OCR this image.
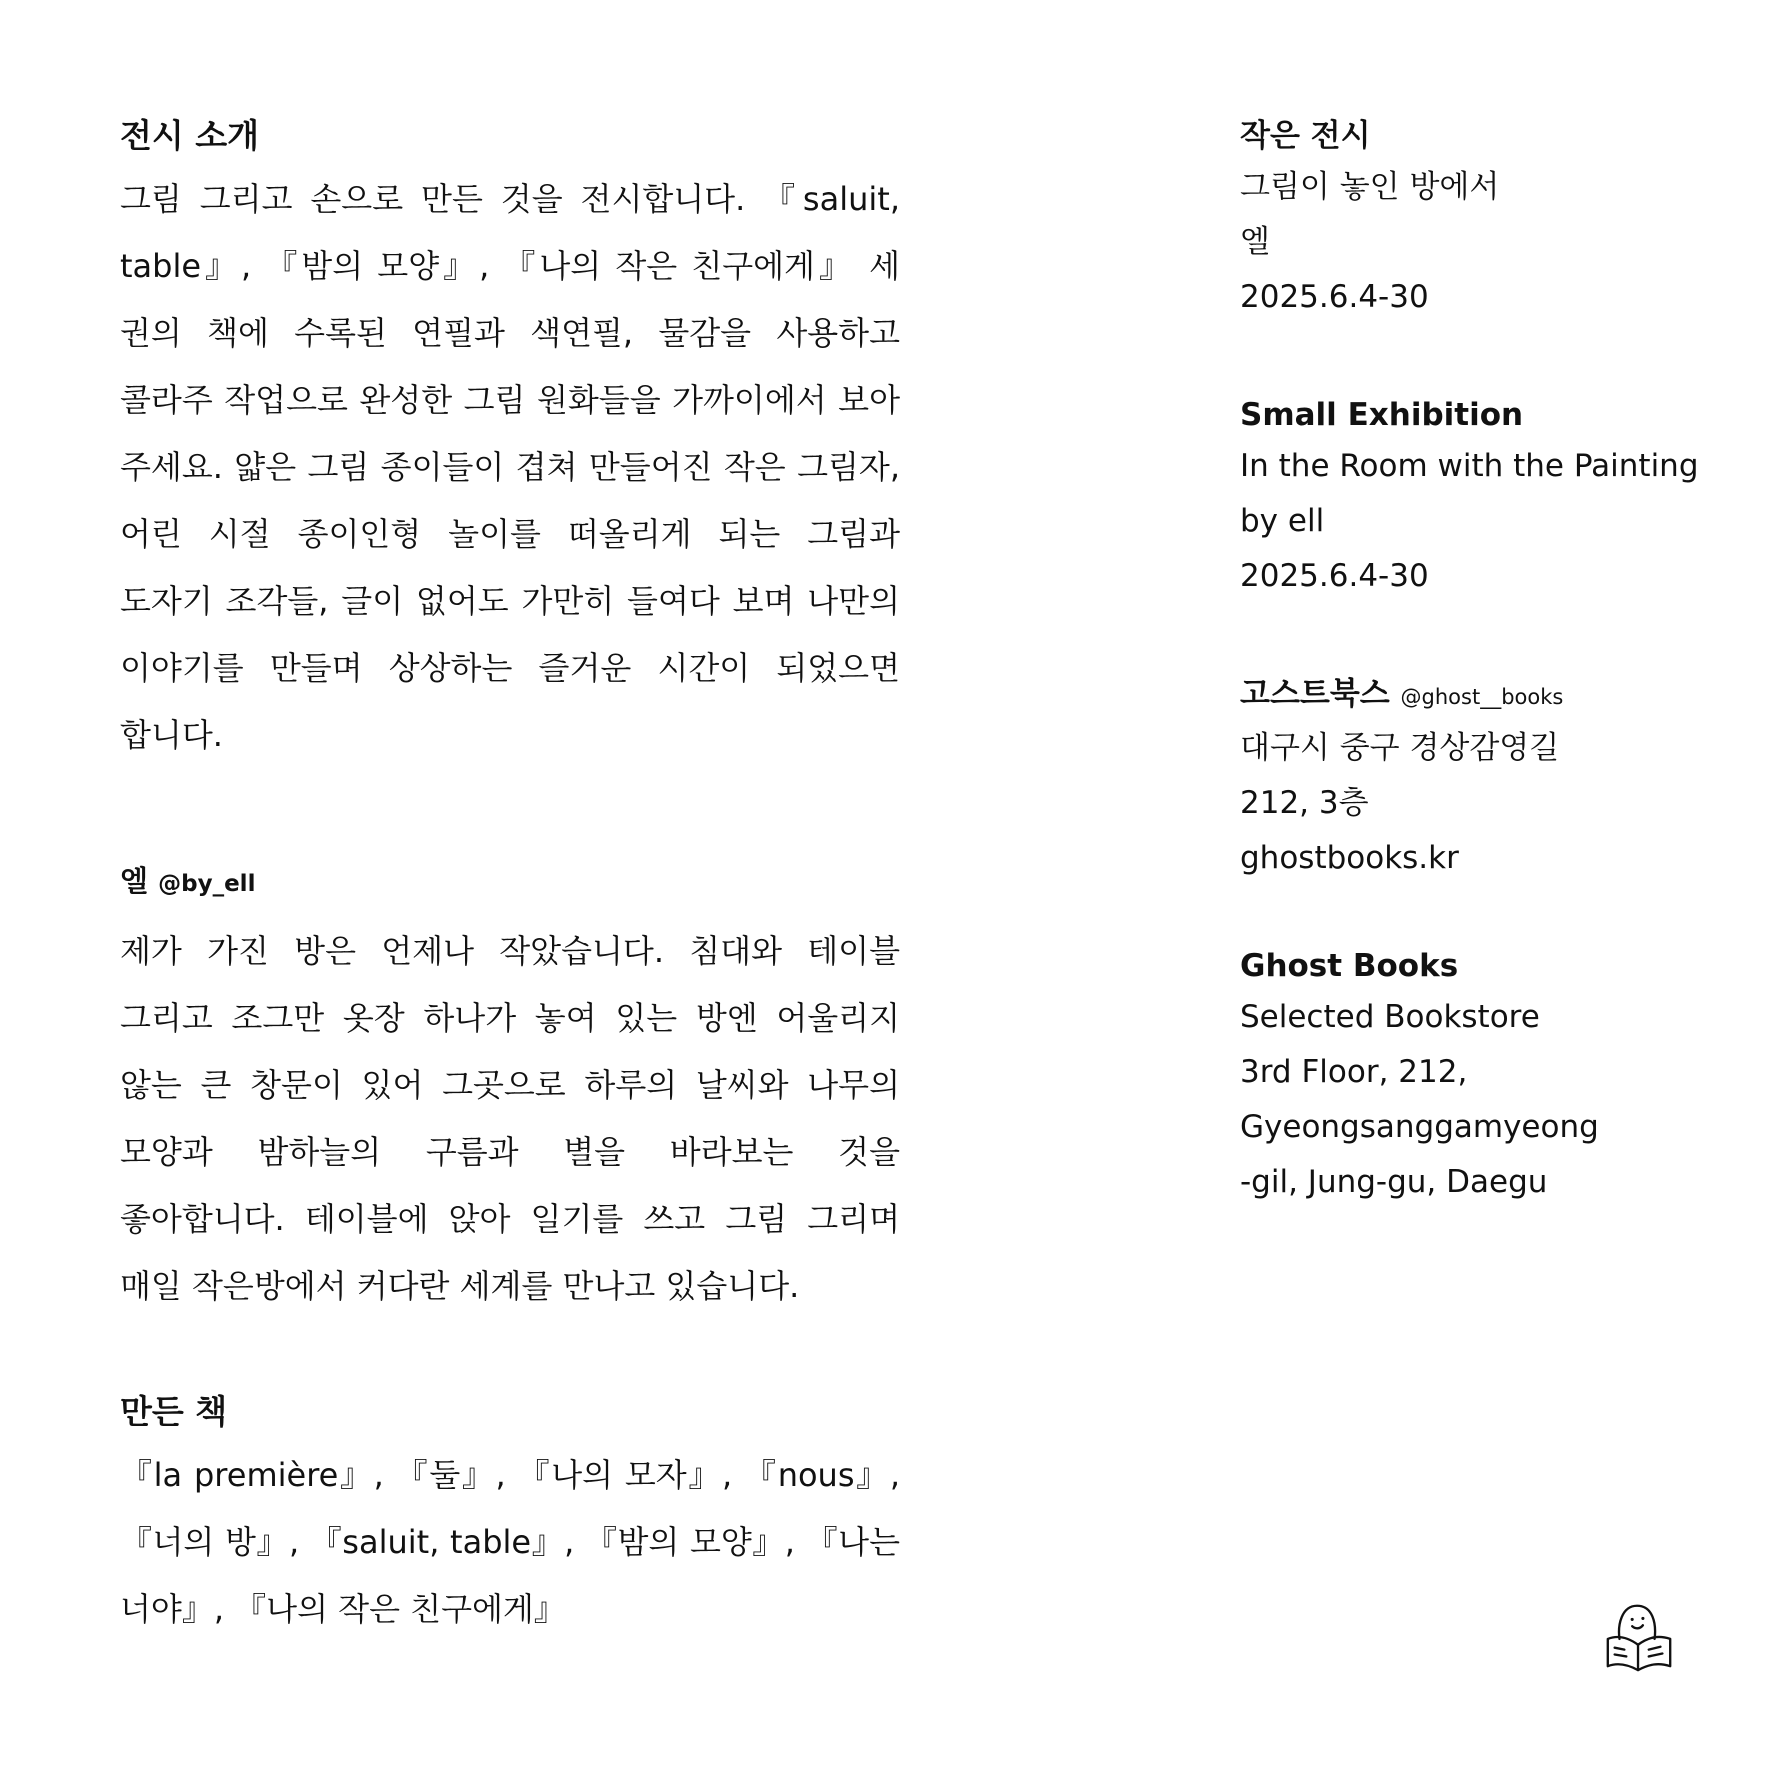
전시 소개

그림 그리고 손으로 만든 것을 전시합니다. 『saluit, table』, 『밤의 모양』, 『나의 작은 친구에게』 세 권의 책에 수록된 연필과 색연필, 물감을 사용하고 콜라주 작업으로 완성한 그림 원화들을 가까이에서 보아 주세요. 얇은 그림 종이들이 겹쳐 만들어진 작은 그림자, 어린 시절 종이인형 놀이를 떠올리게 되는 그림과 도자기 조각들, 글이 없어도 가만히 들여다 보며 나만의 이야기를 만들며 상상하는 즐거운 시간이 되었으면 합니다.

엘 @by_ell

제가 가진 방은 언제나 작았습니다. 침대와 테이블 그리고 조그만 옷장 하나가 놓여 있는 방엔 어울리지 않는 큰 창문이 있어 그곳으로 하루의 날씨와 나무의 모양과 밤하늘의 구름과 별을 바라보는 것을 좋아합니다. 테이블에 앉아 일기를 쓰고 그림 그리며 매일 작은방에서 커다란 세계를 만나고 있습니다.

만든 책

『la première』, 『둘』, 『나의 모자』, 『nous』, 『너의 방』, 『saluit, table』, 『밤의 모양』, 『나는 너야』, 『나의 작은 친구에게』

작은 전시

그림이 놓인 방에서

엘

2025.6.4-30

Small Exhibition

In the Room with the Painting

by ell

2025.6.4-30

고스트북스 @ghost__books

대구시 중구 경상감영길

212, 3층

ghostbooks.kr

Ghost Books

Selected Bookstore

3rd Floor, 212,

Gyeongsanggamyeong

-gil, Jung-gu, Daegu
